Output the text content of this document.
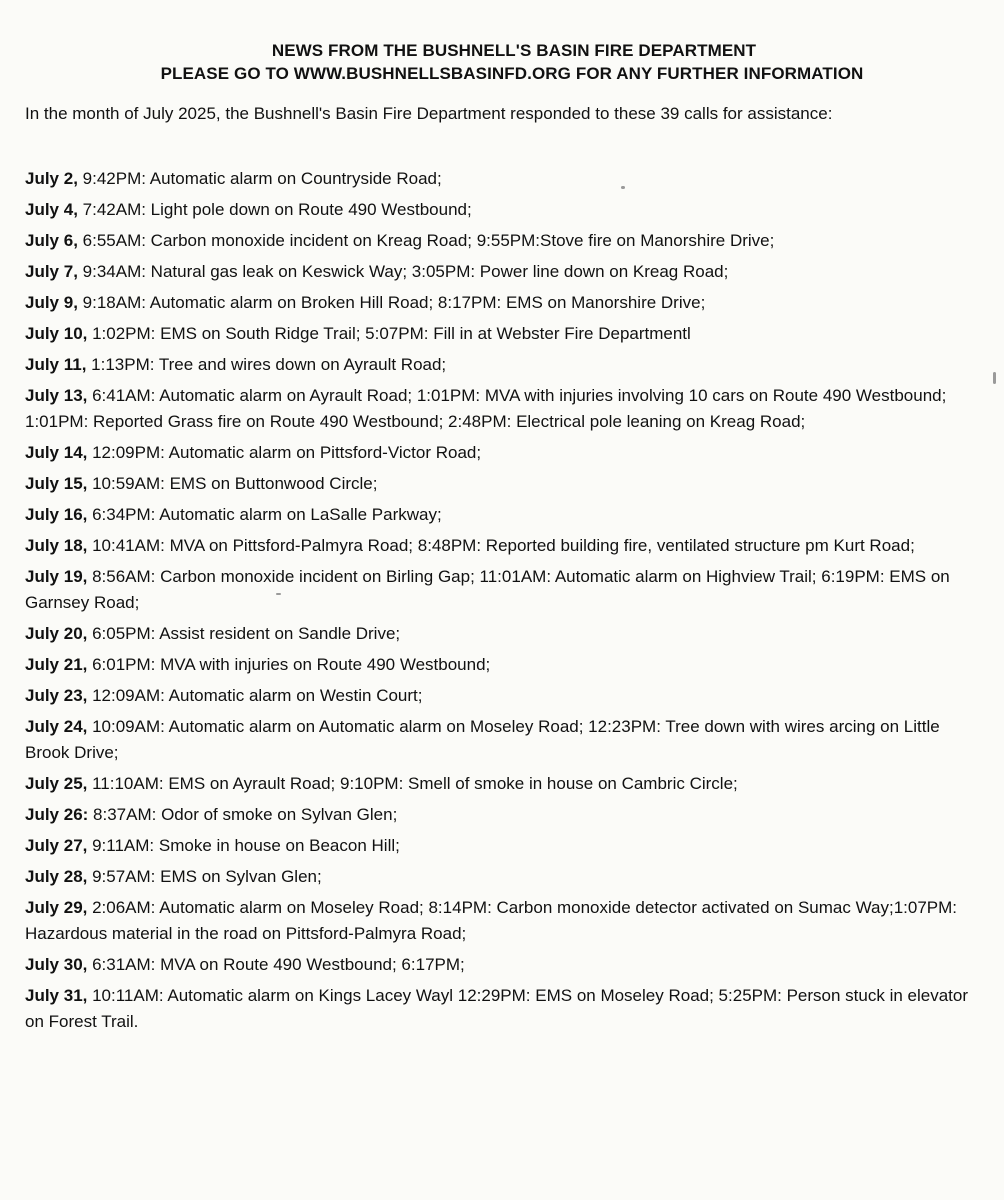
NEWS FROM THE BUSHNELL'S BASIN FIRE DEPARTMENT
PLEASE GO TO WWW.BUSHNELLSBASINFD.ORG FOR ANY FURTHER INFORMATION
In the month of July 2025, the Bushnell's Basin Fire Department responded to these 39 calls for assistance:
July 2, 9:42PM: Automatic alarm on Countryside Road;
July 4, 7:42AM: Light pole down on Route 490 Westbound;
July 6, 6:55AM: Carbon monoxide incident on Kreag Road; 9:55PM:Stove fire on Manorshire Drive;
July 7, 9:34AM: Natural gas leak on Keswick Way; 3:05PM: Power line down on Kreag Road;
July 9, 9:18AM: Automatic alarm on Broken Hill Road; 8:17PM: EMS on Manorshire Drive;
July 10, 1:02PM: EMS on South Ridge Trail; 5:07PM: Fill in at Webster Fire Departmentl
July 11, 1:13PM: Tree and wires down on Ayrault Road;
July 13, 6:41AM: Automatic alarm on Ayrault Road; 1:01PM: MVA with injuries involving 10 cars on Route 490 Westbound; 1:01PM: Reported Grass fire on Route 490 Westbound; 2:48PM: Electrical pole leaning on Kreag Road;
July 14, 12:09PM: Automatic alarm on Pittsford-Victor Road;
July 15, 10:59AM: EMS on Buttonwood Circle;
July 16, 6:34PM: Automatic alarm on LaSalle Parkway;
July 18, 10:41AM: MVA on Pittsford-Palmyra Road; 8:48PM: Reported building fire, ventilated structure pm Kurt Road;
July 19, 8:56AM: Carbon monoxide incident on Birling Gap; 11:01AM: Automatic alarm on Highview Trail; 6:19PM: EMS on Garnsey Road;
July 20, 6:05PM: Assist resident on Sandle Drive;
July 21, 6:01PM: MVA with injuries on Route 490 Westbound;
July 23, 12:09AM: Automatic alarm on Westin Court;
July 24, 10:09AM: Automatic alarm on Automatic alarm on Moseley Road; 12:23PM: Tree down with wires arcing on Little Brook Drive;
July 25, 11:10AM: EMS on Ayrault Road; 9:10PM: Smell of smoke in house on Cambric Circle;
July 26: 8:37AM: Odor of smoke on Sylvan Glen;
July 27, 9:11AM: Smoke in house on Beacon Hill;
July 28, 9:57AM: EMS on Sylvan Glen;
July 29, 2:06AM: Automatic alarm on Moseley Road; 8:14PM: Carbon monoxide detector activated on Sumac Way;1:07PM: Hazardous material in the road on Pittsford-Palmyra Road;
July 30, 6:31AM: MVA on Route 490 Westbound; 6:17PM;
July 31, 10:11AM: Automatic alarm on Kings Lacey Wayl 12:29PM: EMS on Moseley Road; 5:25PM: Person stuck in elevator on Forest Trail.
